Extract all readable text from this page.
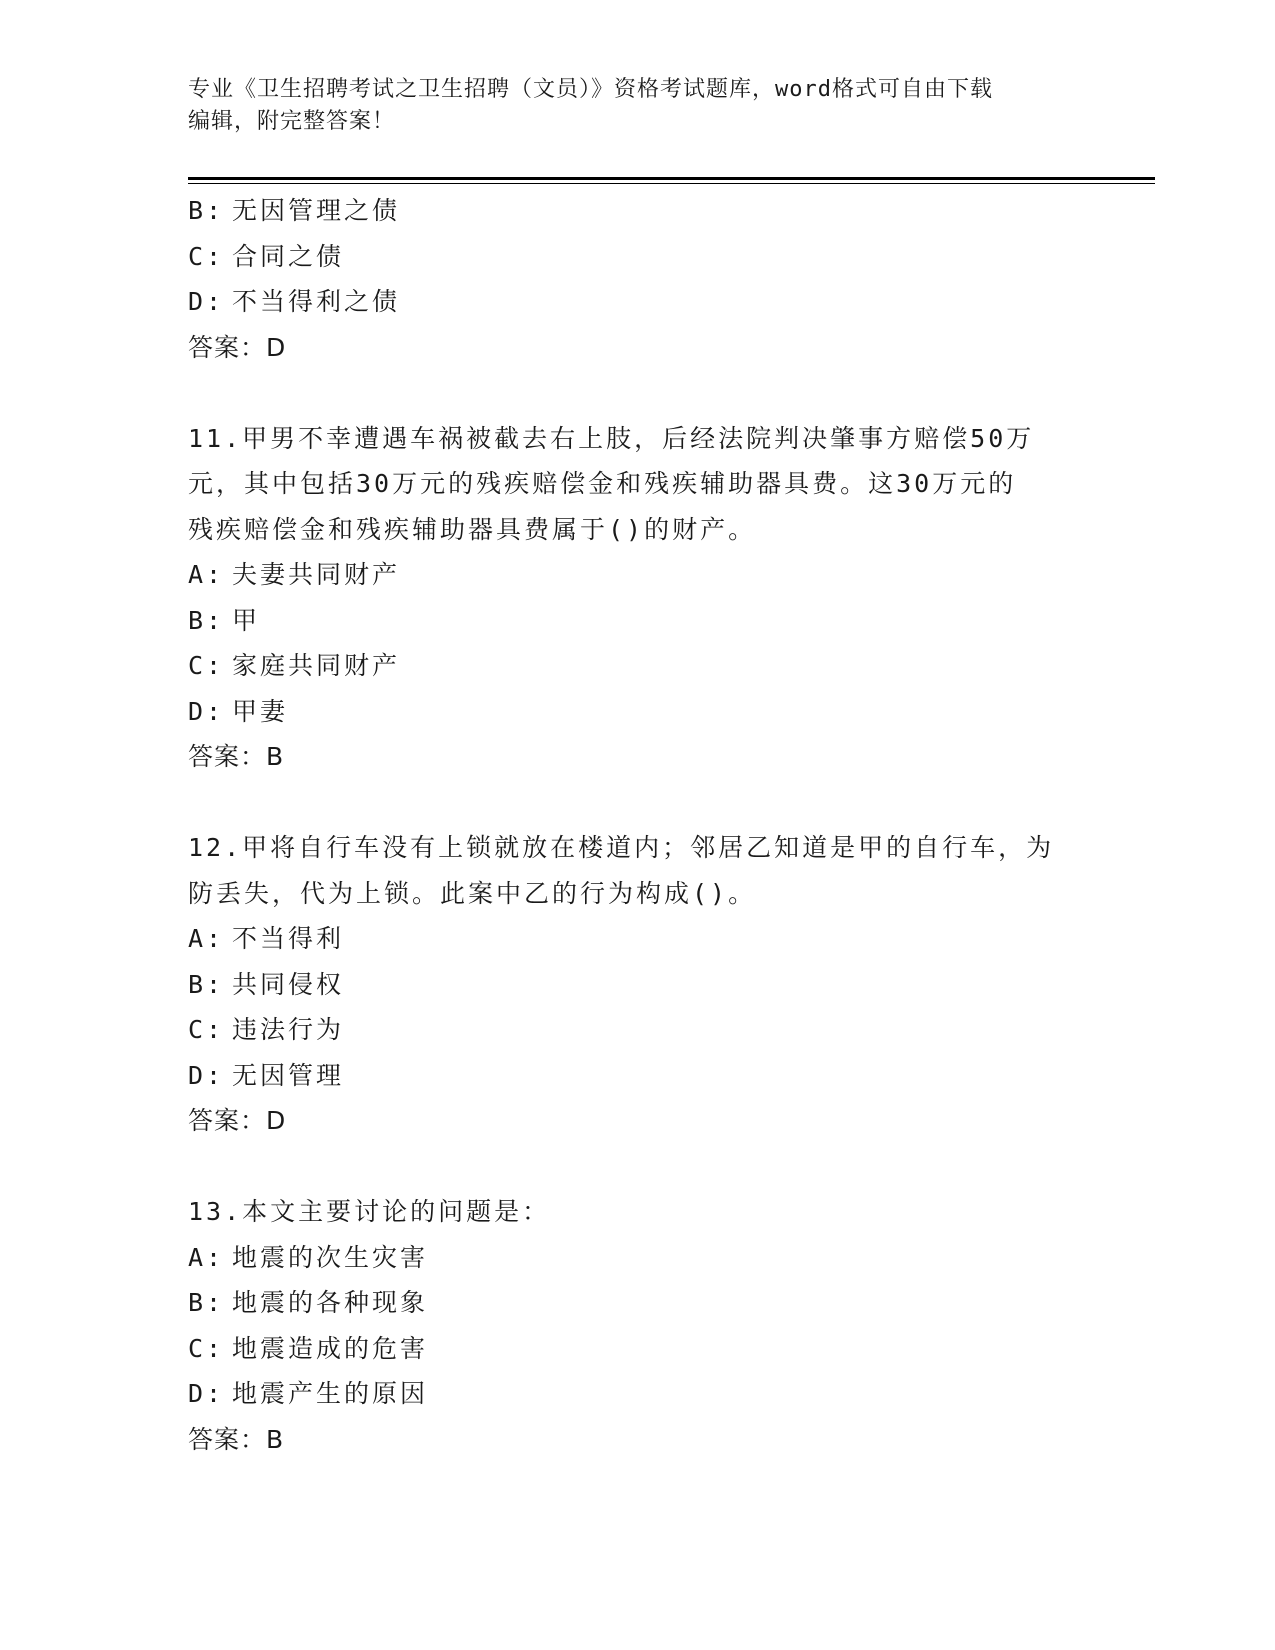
专业《卫生招聘考试之卫生招聘（文员）》资格考试题库，word格式可自由下载
编辑，附完整答案！
B: 无因管理之债
C: 合同之债
D: 不当得利之债
答案：D
11.甲男不幸遭遇车祸被截去右上肢，后经法院判决肇事方赔偿50万
元，其中包括30万元的残疾赔偿金和残疾辅助器具费。这30万元的
残疾赔偿金和残疾辅助器具费属于()的财产。
A: 夫妻共同财产
B: 甲
C: 家庭共同财产
D: 甲妻
答案：B
12.甲将自行车没有上锁就放在楼道内；邻居乙知道是甲的自行车，为
防丢失，代为上锁。此案中乙的行为构成()。
A: 不当得利
B: 共同侵权
C: 违法行为
D: 无因管理
答案：D
13.本文主要讨论的问题是：
A: 地震的次生灾害
B: 地震的各种现象
C: 地震造成的危害
D: 地震产生的原因
答案：B
